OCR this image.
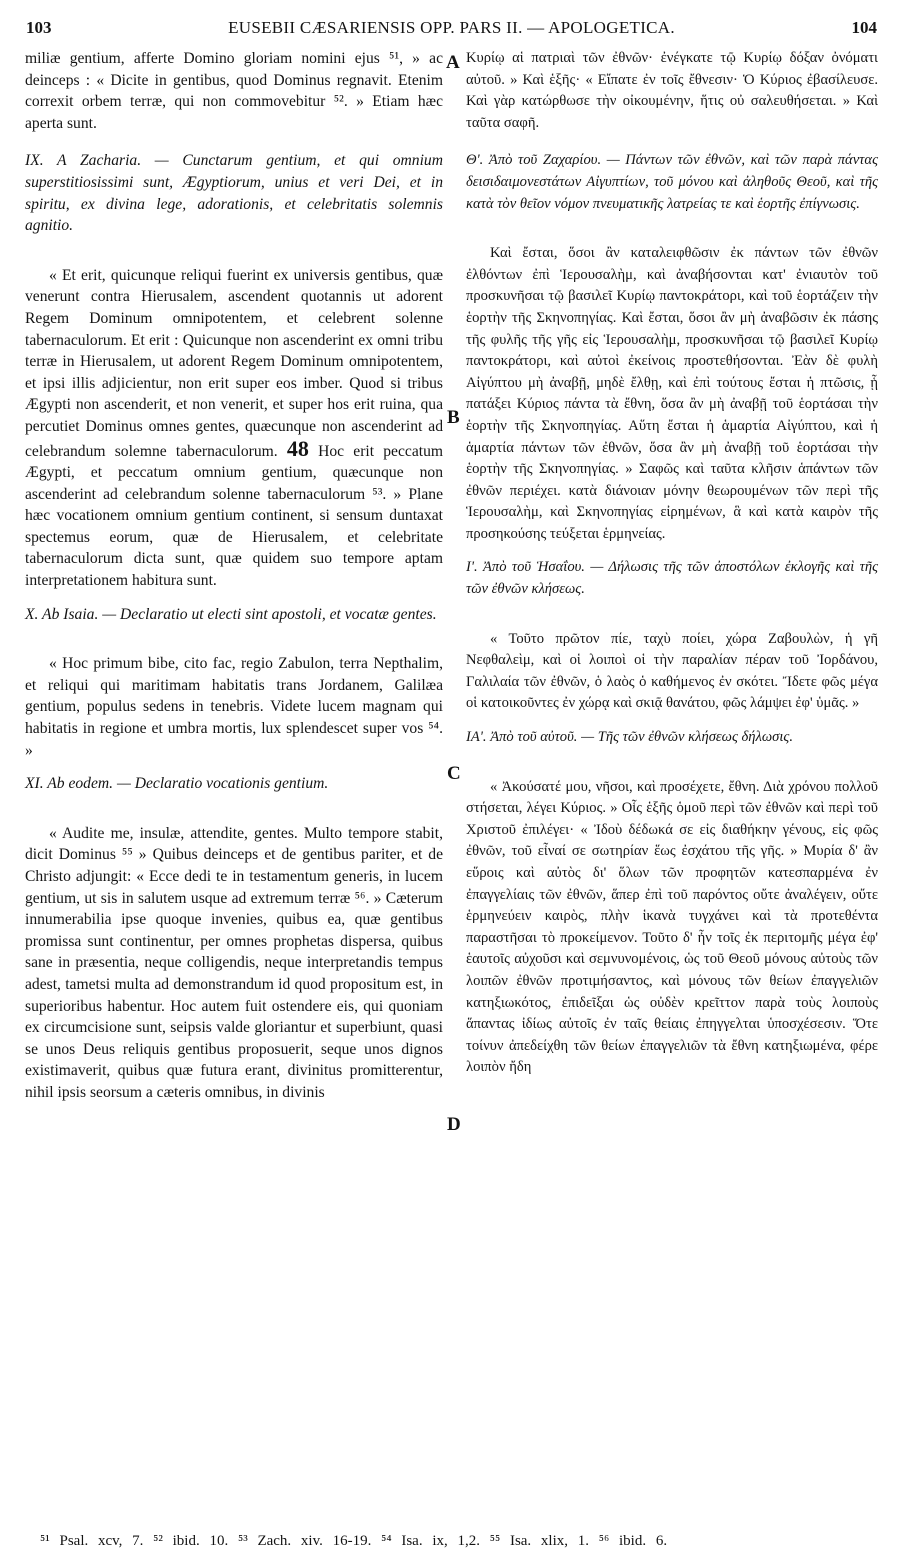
103	EUSEBII CÆSARIENSIS OPP. PARS II. — APOLOGETICA.	104
A
B
C
D

miliæ gentium, afferte Domino gloriam nomini ejus ⁵¹, » ac deinceps : « Dicite in gentibus, quod Dominus regnavit. Etenim correxit orbem terræ, qui non commovebitur ⁵². » Etiam hæc aperta sunt.

IX. A Zacharia. — Cunctarum gentium, et qui omnium superstitiosissimi sunt, Ægyptiorum, unius et veri Dei, et in spiritu, ex divina lege, adorationis, et celebritatis solemnis agnitio.

« Et erit, quicunque reliqui fuerint ex universis gentibus, quæ venerunt contra Hierusalem, ascendent quotannis ut adorent Regem Dominum omnipotentem, et celebrent solenne tabernaculorum. Et erit : Quicunque non ascenderint ex omni tribu terræ in Hierusalem, ut adorent Regem Dominum omnipotentem, et ipsi illis adjicientur, non erit super eos imber. Quod si tribus Ægypti non ascenderit, et non venerit, et super hos erit ruina, qua percutiet Dominus omnes gentes, quæcunque non ascenderint ad celebrandum solemne tabernaculorum. 48 Hoc erit peccatum Ægypti, et peccatum omnium gentium, quæcunque non ascenderint ad celebrandum solenne tabernaculorum ⁵³. » Plane hæc vocationem omnium gentium continent, si sensum duntaxat spectemus eorum, quæ de Hierusalem, et celebritate tabernaculorum dicta sunt, quæ quidem suo tempore aptam interpretationem habitura sunt.

X. Ab Isaia. — Declaratio ut electi sint apostoli, et vocatæ gentes.

« Hoc primum bibe, cito fac, regio Zabulon, terra Nepthalim, et reliqui qui maritimam habitatis trans Jordanem, Galilæa gentium, populus sedens in tenebris. Videte lucem magnam qui habitatis in regione et umbra mortis, lux splendescet super vos ⁵⁴. »

XI. Ab eodem. — Declaratio vocationis gentium.

« Audite me, insulæ, attendite, gentes. Multo tempore stabit, dicit Dominus ⁵⁵ » Quibus deinceps et de gentibus pariter, et de Christo adjungit: « Ecce dedi te in testamentum generis, in lucem gentium, ut sis in salutem usque ad extremum terræ ⁵⁶. » Cæterum innumerabilia ipse quoque invenies, quibus ea, quæ gentibus promissa sunt continentur, per omnes prophetas dispersa, quibus sane in præsentia, neque colligendis, neque interpretandis tempus adest, tametsi multa ad demonstrandum id quod propositum est, in superioribus habentur. Hoc autem fuit ostendere eis, qui quoniam ex circumcisione sunt, seipsis valde gloriantur et superbiunt, quasi se unos Deus reliquis gentibus proposuerit, seque unos dignos existimaverit, quibus quæ futura erant, divinitus promitterentur, nihil ipsis seorsum a cæteris omnibus, in divinis

Κυρίῳ αἱ πατριαὶ τῶν ἐθνῶν· ἐνέγκατε τῷ Κυρίῳ δόξαν ὀνόματι αὐτοῦ. » Καὶ ἑξῆς· « Εἴπατε ἐν τοῖς ἔθνεσιν· Ὁ Κύριος ἐβασίλευσε. Καὶ γὰρ κατώρθωσε τὴν οἰκουμένην, ἥτις οὐ σαλευθήσεται. » Καὶ ταῦτα σαφῆ.

Θ'. Ἀπὸ τοῦ Ζαχαρίου. — Πάντων τῶν ἐθνῶν, καὶ τῶν παρὰ πάντας δεισιδαιμονεστάτων Αἰγυπτίων, τοῦ μόνου καὶ ἀληθοῦς Θεοῦ, καὶ τῆς κατὰ τὸν θεῖον νόμον πνευματικῆς λατρείας τε καὶ ἑορτῆς ἐπίγνωσις.

Καὶ ἔσται, ὅσοι ἂν καταλειφθῶσιν ἐκ πάντων τῶν ἐθνῶν ἐλθόντων ἐπὶ Ἱερουσαλὴμ, καὶ ἀναβήσονται κατ' ἐνιαυτὸν τοῦ προσκυνῆσαι τῷ βασιλεῖ Κυρίῳ παντοκράτορι, καὶ τοῦ ἑορτάζειν τὴν ἑορτὴν τῆς Σκηνοπηγίας. Καὶ ἔσται, ὅσοι ἂν μὴ ἀναβῶσιν ἐκ πάσης τῆς φυλῆς τῆς γῆς εἰς Ἱερουσαλὴμ, προσκυνῆσαι τῷ βασιλεῖ Κυρίῳ παντοκράτορι, καὶ αὐτοὶ ἐκείνοις προστεθήσονται. Ἐὰν δὲ φυλὴ Αἰγύπτου μὴ ἀναβῇ, μηδὲ ἔλθῃ, καὶ ἐπὶ τούτους ἔσται ἡ πτῶσις, ᾗ πατάξει Κύριος πάντα τὰ ἔθνη, ὅσα ἂν μὴ ἀναβῇ τοῦ ἑορτάσαι τὴν ἑορτὴν τῆς Σκηνοπηγίας. Αὕτη ἔσται ἡ ἁμαρτία Αἰγύπτου, καὶ ἡ ἁμαρτία πάντων τῶν ἐθνῶν, ὅσα ἂν μὴ ἀναβῇ τοῦ ἑορτάσαι τὴν ἑορτὴν τῆς Σκηνοπηγίας. » Σαφῶς καὶ ταῦτα κλῆσιν ἁπάντων τῶν ἐθνῶν περιέχει. κατὰ διάνοιαν μόνην θεωρουμένων τῶν περὶ τῆς Ἱερουσαλὴμ, καὶ Σκηνοπηγίας εἰρημένων, ἃ καὶ κατὰ καιρὸν τῆς προσηκούσης τεύξεται ἑρμηνείας.

Ι'. Ἀπὸ τοῦ Ἡσαΐου. — Δήλωσις τῆς τῶν ἀποστόλων ἐκλογῆς καὶ τῆς τῶν ἐθνῶν κλήσεως.

« Τοῦτο πρῶτον πίε, ταχὺ ποίει, χώρα Ζαβουλὼν, ἡ γῆ Νεφθαλεὶμ, καὶ οἱ λοιποὶ οἱ τὴν παραλίαν πέραν τοῦ Ἰορδάνου, Γαλιλαία τῶν ἐθνῶν, ὁ λαὸς ὁ καθήμενος ἐν σκότει. Ἴδετε φῶς μέγα οἱ κατοικοῦντες ἐν χώρᾳ καὶ σκιᾷ θανάτου, φῶς λάμψει ἐφ' ὑμᾶς. »

ΙΑ'. Ἀπὸ τοῦ αὐτοῦ. — Τῆς τῶν ἐθνῶν κλήσεως δήλωσις.

« Ἀκούσατέ μου, νῆσοι, καὶ προσέχετε, ἔθνη. Διὰ χρόνου πολλοῦ στήσεται, λέγει Κύριος. » Οἷς ἑξῆς ὁμοῦ περὶ τῶν ἐθνῶν καὶ περὶ τοῦ Χριστοῦ ἐπιλέγει· « Ἰδοὺ δέδωκά σε εἰς διαθήκην γένους, εἰς φῶς ἐθνῶν, τοῦ εἶναί σε σωτηρίαν ἕως ἐσχάτου τῆς γῆς. » Μυρία δ' ἂν εὕροις καὶ αὐτὸς δι' ὅλων τῶν προφητῶν κατεσπαρμένα ἐν ἐπαγγελίαις τῶν ἐθνῶν, ἅπερ ἐπὶ τοῦ παρόντος οὔτε ἀναλέγειν, οὔτε ἑρμηνεύειν καιρὸς, πλὴν ἱκανὰ τυγχάνει καὶ τὰ προτεθέντα παραστῆσαι τὸ προκείμενον. Τοῦτο δ' ἦν τοῖς ἐκ περιτομῆς μέγα ἐφ' ἑαυτοῖς αὐχοῦσι καὶ σεμνυνομένοις, ὡς τοῦ Θεοῦ μόνους αὐτοὺς τῶν λοιπῶν ἐθνῶν προτιμήσαντος, καὶ μόνους τῶν θείων ἐπαγγελιῶν κατηξιωκότος, ἐπιδεῖξαι ὡς οὐδὲν κρεῖττον παρὰ τοὺς λοιποὺς ἅπαντας ἰδίως αὐτοῖς ἐν ταῖς θείαις ἐπηγγελται ὑποσχέσεσιν. Ὅτε τοίνυν ἀπεδείχθη τῶν θείων ἐπαγγελιῶν τὰ ἔθνη κατηξιωμένα, φέρε λοιπὸν ἤδη

⁵¹ Psal. xcv, 7. ⁵² ibid. 10. ⁵³ Zach. xiv. 16-19. ⁵⁴ Isa. ix, 1,2. ⁵⁵ Isa. xlix, 1. ⁵⁶ ibid. 6.
